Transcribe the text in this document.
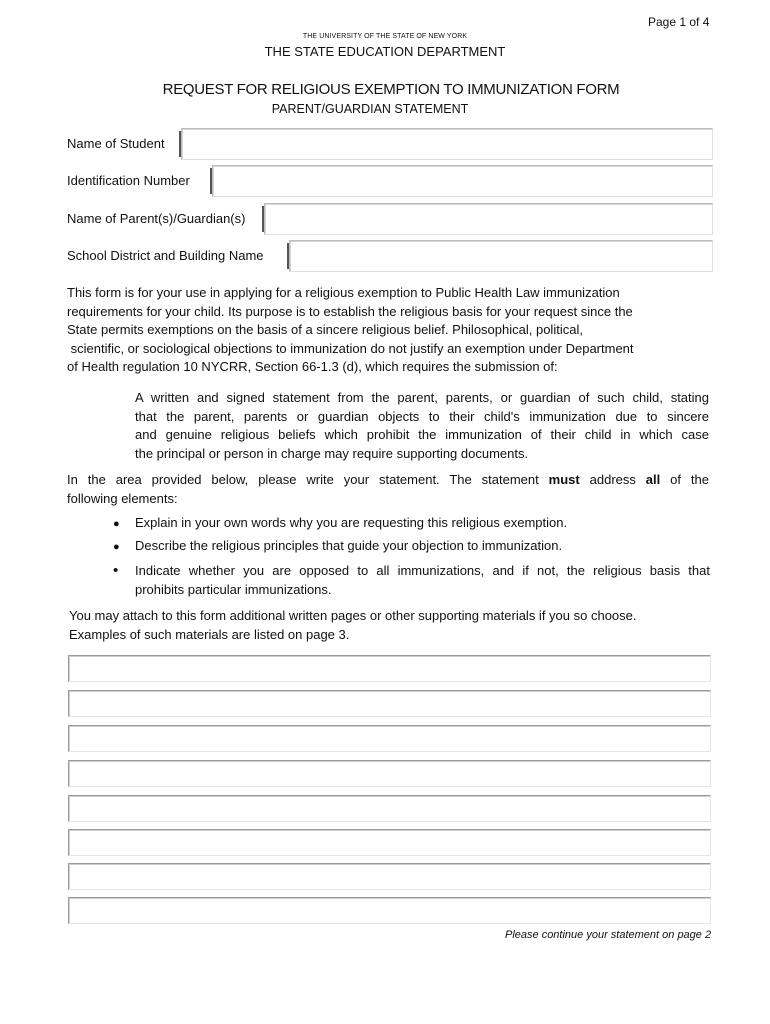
Page 1 of 4
THE UNIVERSITY OF THE STATE OF NEW YORK
THE STATE EDUCATION DEPARTMENT
REQUEST FOR RELIGIOUS EXEMPTION TO IMMUNIZATION FORM
PARENT/GUARDIAN STATEMENT
Name of Student
Identification Number
Name of Parent(s)/Guardian(s)
School District and Building Name

This form is for your use in applying for a religious exemption to Public Health Law immunization

requirements for your child. Its purpose is to establish the religious basis for your request since the

State permits exemptions on the basis of a sincere religious belief. Philosophical, political,

scientific, or sociological objections to immunization do not justify an exemption under Department

of Health regulation 10 NYCRR, Section 66-1.3 (d), which requires the submission of:

A written and signed statement from the parent, parents, or guardian of such child, stating
that the parent, parents or guardian objects to their child's immunization due to sincere
and genuine religious beliefs which prohibit the immunization of their child in which case
the principal or person in charge may require supporting documents.
In the area provided below, please write your statement. The statement must address all of the
following elements:
●	Explain in your own words why you are requesting this religious exemption.
●	Describe the religious principles that guide your objection to immunization.
•	Indicate whether you are opposed to all immunizations, and if not, the religious basis that
prohibits particular immunizations.
You may attach to this form additional written pages or other supporting materials if you so choose.
Examples of such materials are listed on page 3.
Please continue your statement on page 2
